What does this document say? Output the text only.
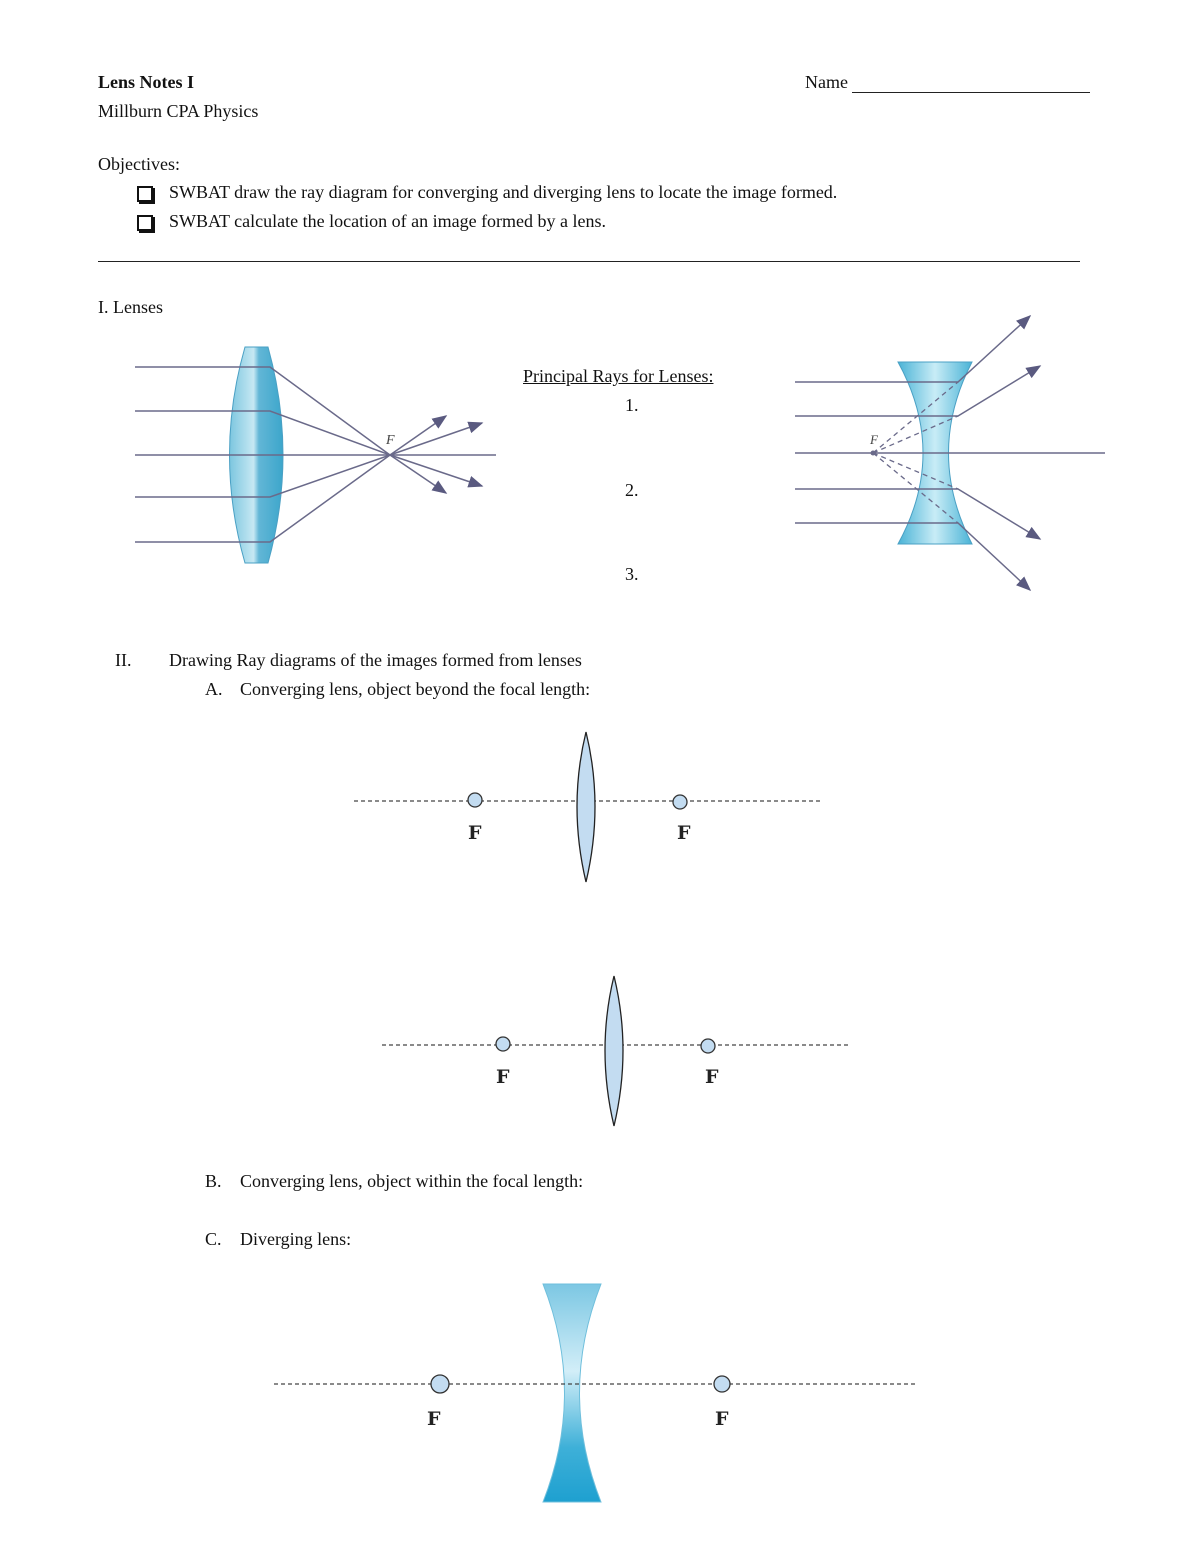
Lens Notes I
Millburn CPA Physics
Name
Objectives:
SWBAT draw the ray diagram for converging and diverging lens to locate the image formed.
SWBAT calculate the location of an image formed by a lens.
I. Lenses
F
Principal Rays for Lenses:
1.
2.
3.
F
II. Drawing Ray diagrams of the images formed from lenses
A. Converging lens, object beyond the focal length:
F	F
F	F
B. Converging lens, object within the focal length:
C. Diverging lens:
F	F
